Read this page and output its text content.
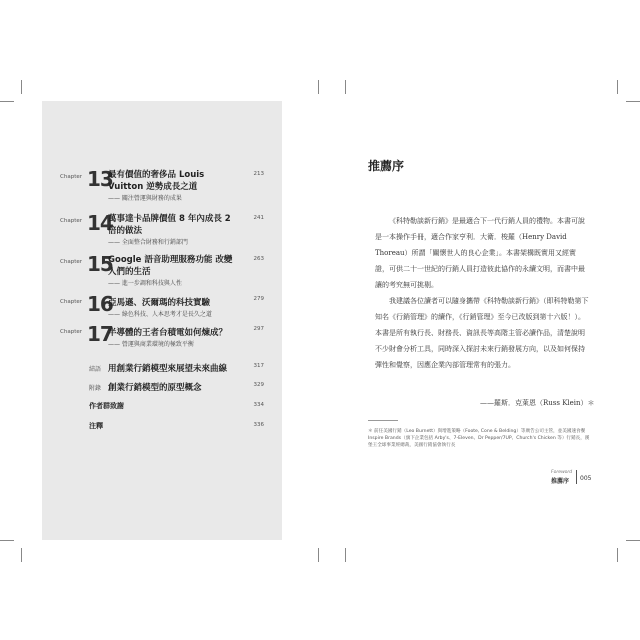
Chapter 13
最有價值的奢侈品 Louis Vuitton 逆勢成長之道
—— 關注營運與財務的成果
213
Chapter 14
萬事達卡品牌價值 8 年內成長 2 倍的做法
—— 全面整合財務和行銷部門
241
Chapter 15
Google 語音助理服務功能 改變人們的生活
—— 進一步調和科技與人性
263
Chapter 16
亞馬遜、沃爾瑪的科技實驗
—— 綠色科技、人本思考才是長久之道
279
Chapter 17
半導體的王者台積電如何煉成？
—— 營運與商業環境的極致平衡
297
結語 用創業行銷模型來展望未來曲線	317
附錄 創業行銷模型的原型概念	329
作者群致謝	334
注釋	336
推薦序

《科特勒談新行銷》是最適合下一代行銷人員的禮物。本書可說是一本操作手冊，適合作家亨利．大衛．梭羅（Henry David Thoreau）所謂「關懷世人的良心企業」。本書架構既實用又經實證，可供二十一世紀的行銷人員打造彼此協作的永續文明，而書中最讓的考究無可挑剔。

我建議各位讀者可以隨身攜帶《科特勒談新行銷》（即科特勒第下知名《行銷管理》的續作，《行銷管理》至今已改版到第十六版！）。本書是所有執行長、財務長、資訊長等高階主管必讀作品，清楚說明不少財會分析工具，同時深入探討未來行銷發展方向，以及如何保持彈性和覺察，因應企業內部管理常有的張力。

——羅斯．克萊恩（Russ Klein）＊
＊ 前任美國行銷（Leo Burnett）與增進策略（Foote, Cone & Belding）等廣告公司主管，並美國速食餐 Inspire Brands（旗下企業包括 Arby's、7-Eleven、Dr Pepper/7UP、Church's Chicken 等）行銷長，漢堡王全球事業經總裁，美國行銷協會執行長
Foreword
推薦序 005
